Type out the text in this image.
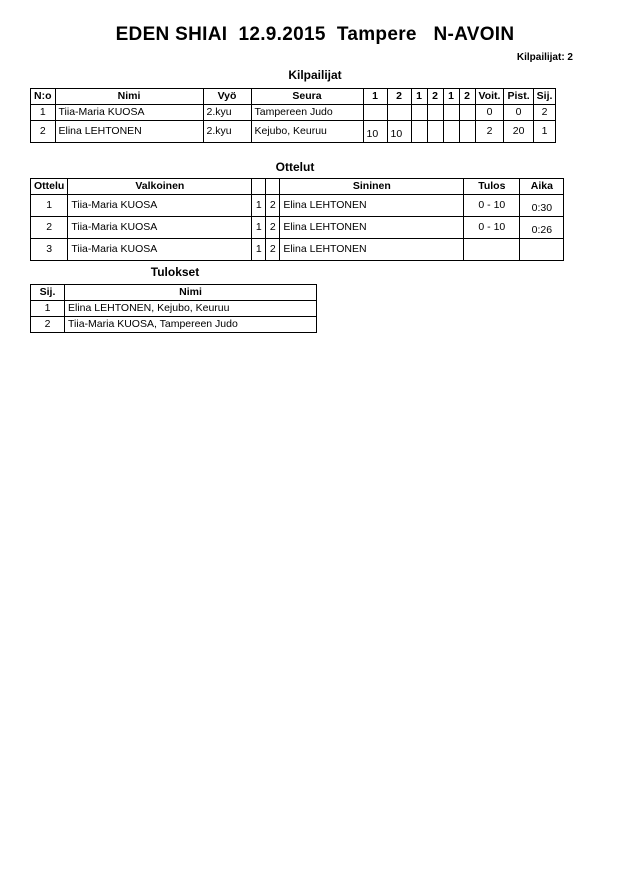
EDEN SHIAI  12.9.2015  Tampere   N-AVOIN
Kilpailijat: 2
Kilpailijat
N:o	Nimi	Vyö	Seura	1	2	1	2	1	2	Voit.	Pist.	Sij.
1	Tiia-Maria KUOSA	2.kyu	Tampereen Judo							0	0	2
2	Elina LEHTONEN	2.kyu	Kejubo, Keuruu	10	10					2	20	1
Ottelut
Ottelu	Valkoinen			Sininen	Tulos	Aika
1	Tiia-Maria KUOSA	1	2	Elina LEHTONEN	0 - 10	0:30
2	Tiia-Maria KUOSA	1	2	Elina LEHTONEN	0 - 10	0:26
3	Tiia-Maria KUOSA	1	2	Elina LEHTONEN		
Tulokset
Sij.	Nimi
1	Elina LEHTONEN, Kejubo, Keuruu
2	Tiia-Maria KUOSA, Tampereen Judo
